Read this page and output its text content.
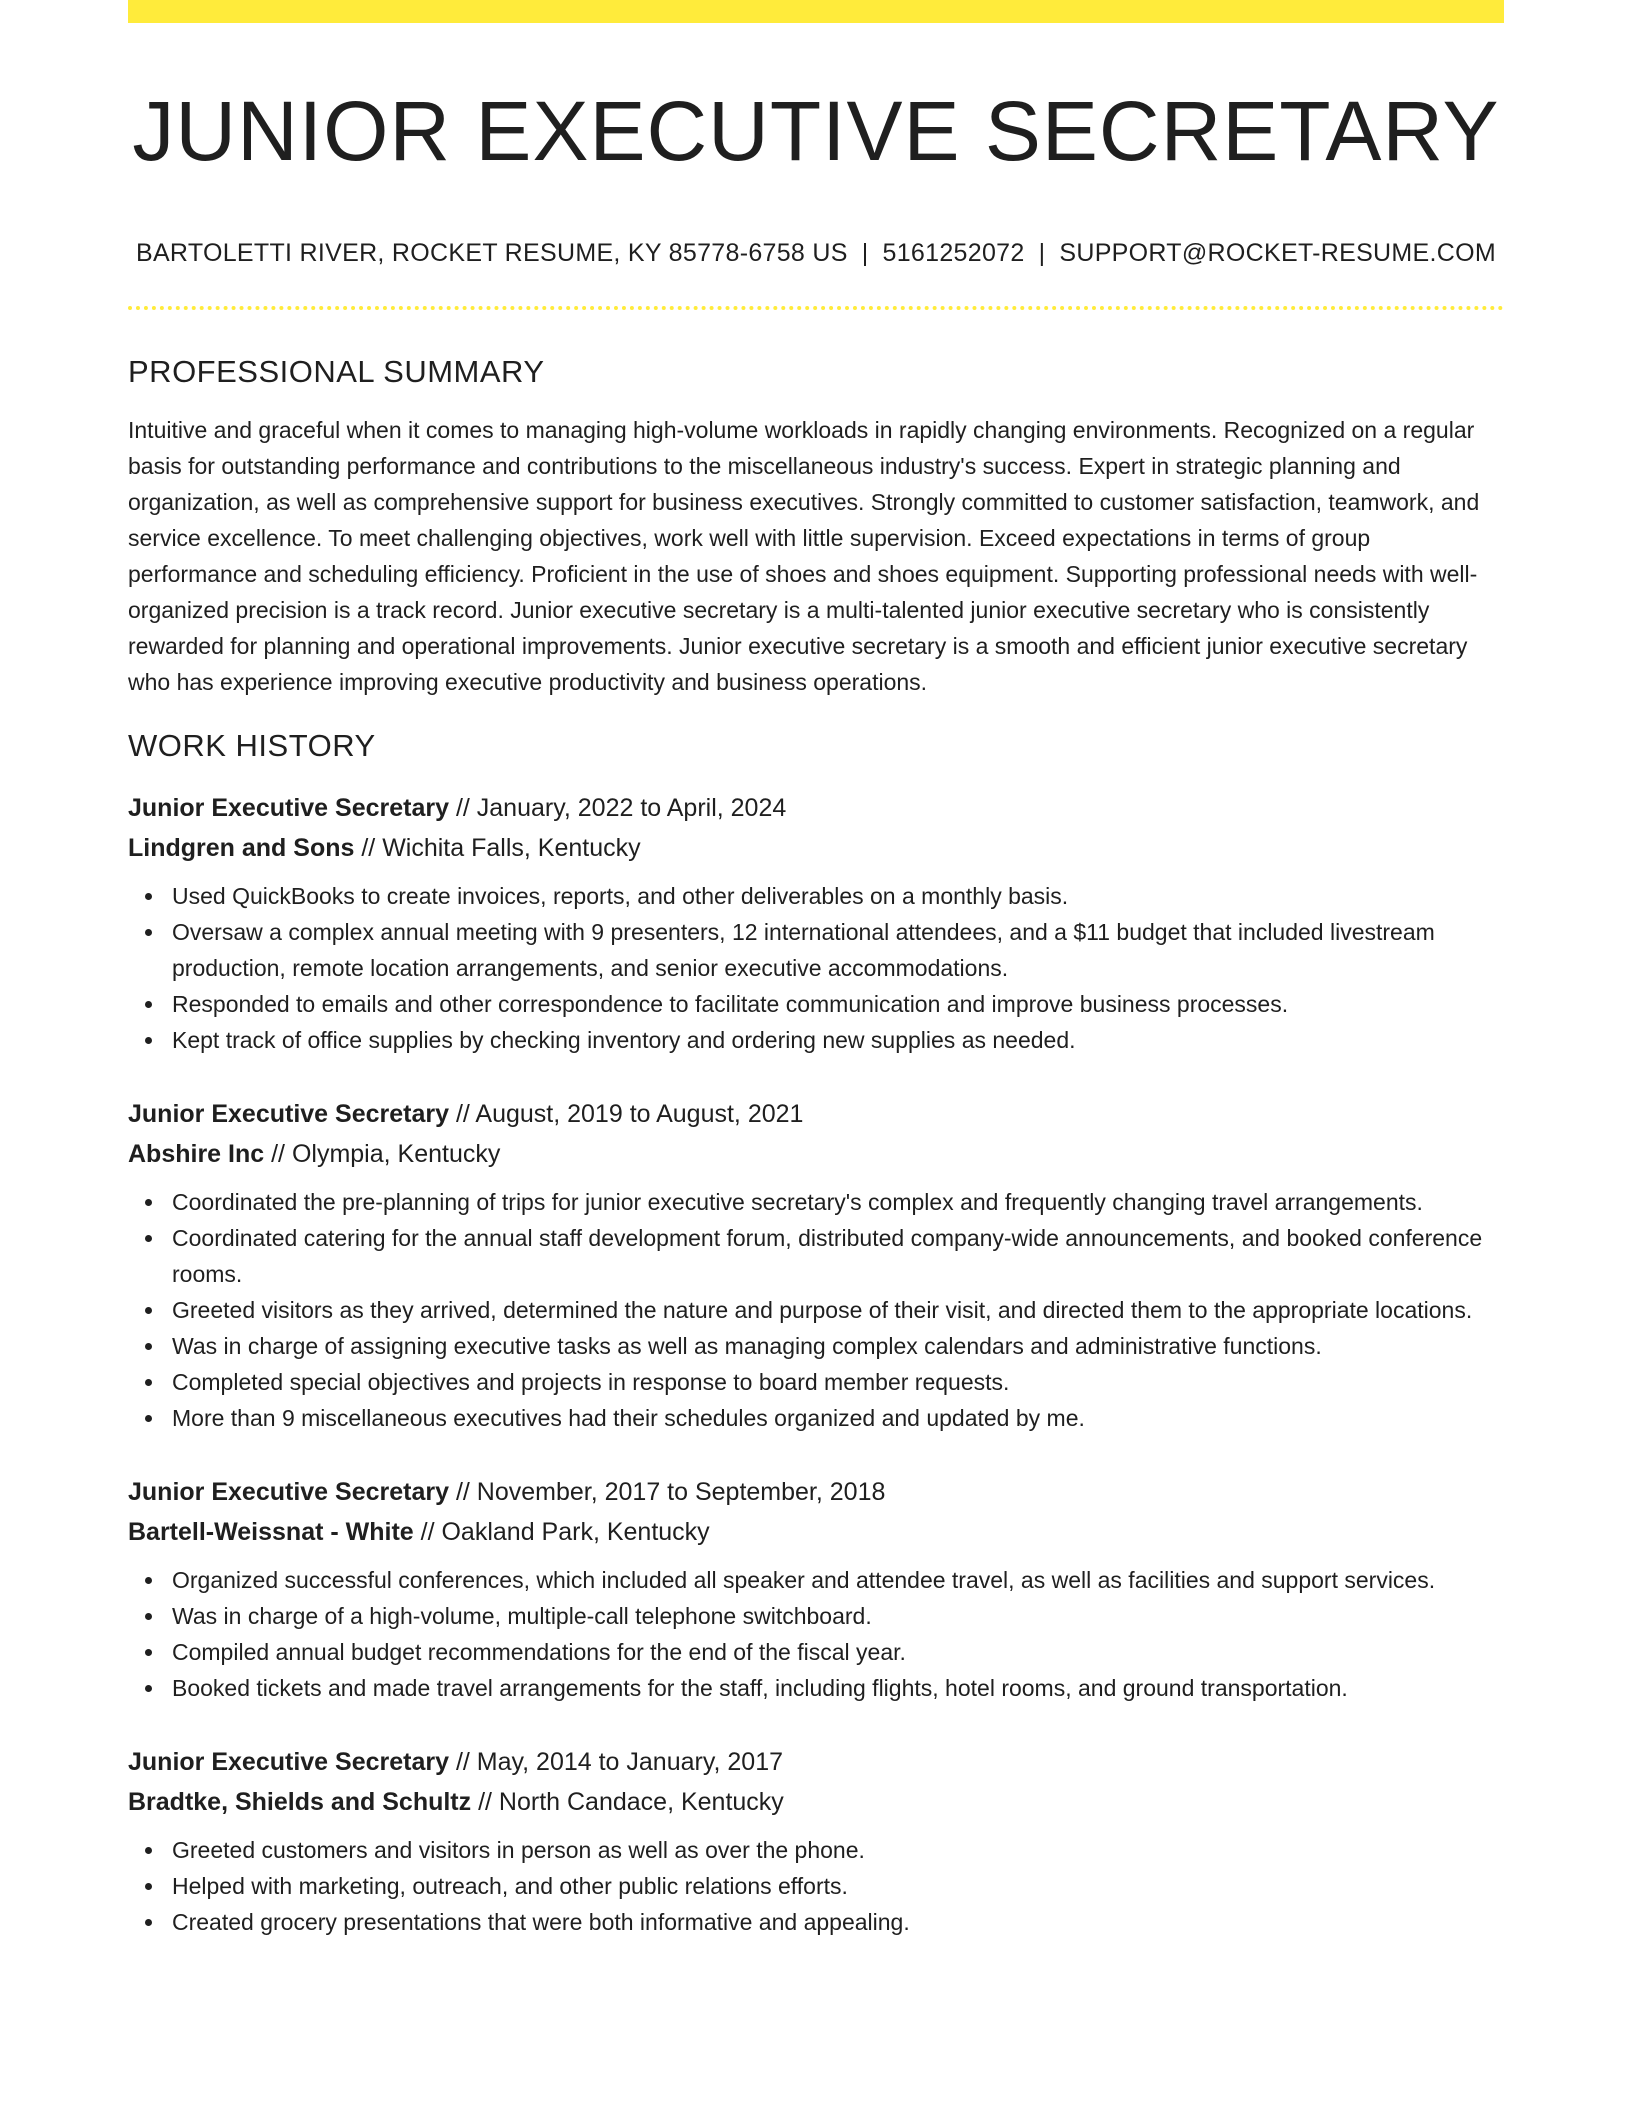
JUNIOR EXECUTIVE SECRETARY
BARTOLETTI RIVER, ROCKET RESUME, KY 85778-6758 US | 5161252072 | SUPPORT@ROCKET-RESUME.COM
PROFESSIONAL SUMMARY

Intuitive and graceful when it comes to managing high-volume workloads in rapidly changing environments. Recognized on a regular basis for outstanding performance and contributions to the miscellaneous industry's success. Expert in strategic planning and organization, as well as comprehensive support for business executives. Strongly committed to customer satisfaction, teamwork, and service excellence. To meet challenging objectives, work well with little supervision. Exceed expectations in terms of group performance and scheduling efficiency. Proficient in the use of shoes and shoes equipment. Supporting professional needs with well-organized precision is a track record. Junior executive secretary is a multi-talented junior executive secretary who is consistently rewarded for planning and operational improvements. Junior executive secretary is a smooth and efficient junior executive secretary who has experience improving executive productivity and business operations.

WORK HISTORY
Junior Executive Secretary // January, 2022 to April, 2024
Lindgren and Sons // Wichita Falls, Kentucky
Used QuickBooks to create invoices, reports, and other deliverables on a monthly basis.
Oversaw a complex annual meeting with 9 presenters, 12 international attendees, and a $11 budget that included livestream production, remote location arrangements, and senior executive accommodations.
Responded to emails and other correspondence to facilitate communication and improve business processes.
Kept track of office supplies by checking inventory and ordering new supplies as needed.
Junior Executive Secretary // August, 2019 to August, 2021
Abshire Inc // Olympia, Kentucky
Coordinated the pre-planning of trips for junior executive secretary's complex and frequently changing travel arrangements.
Coordinated catering for the annual staff development forum, distributed company-wide announcements, and booked conference rooms.
Greeted visitors as they arrived, determined the nature and purpose of their visit, and directed them to the appropriate locations.
Was in charge of assigning executive tasks as well as managing complex calendars and administrative functions.
Completed special objectives and projects in response to board member requests.
More than 9 miscellaneous executives had their schedules organized and updated by me.
Junior Executive Secretary // November, 2017 to September, 2018
Bartell-Weissnat - White // Oakland Park, Kentucky
Organized successful conferences, which included all speaker and attendee travel, as well as facilities and support services.
Was in charge of a high-volume, multiple-call telephone switchboard.
Compiled annual budget recommendations for the end of the fiscal year.
Booked tickets and made travel arrangements for the staff, including flights, hotel rooms, and ground transportation.
Junior Executive Secretary // May, 2014 to January, 2017
Bradtke, Shields and Schultz // North Candace, Kentucky
Greeted customers and visitors in person as well as over the phone.
Helped with marketing, outreach, and other public relations efforts.
Created grocery presentations that were both informative and appealing.
